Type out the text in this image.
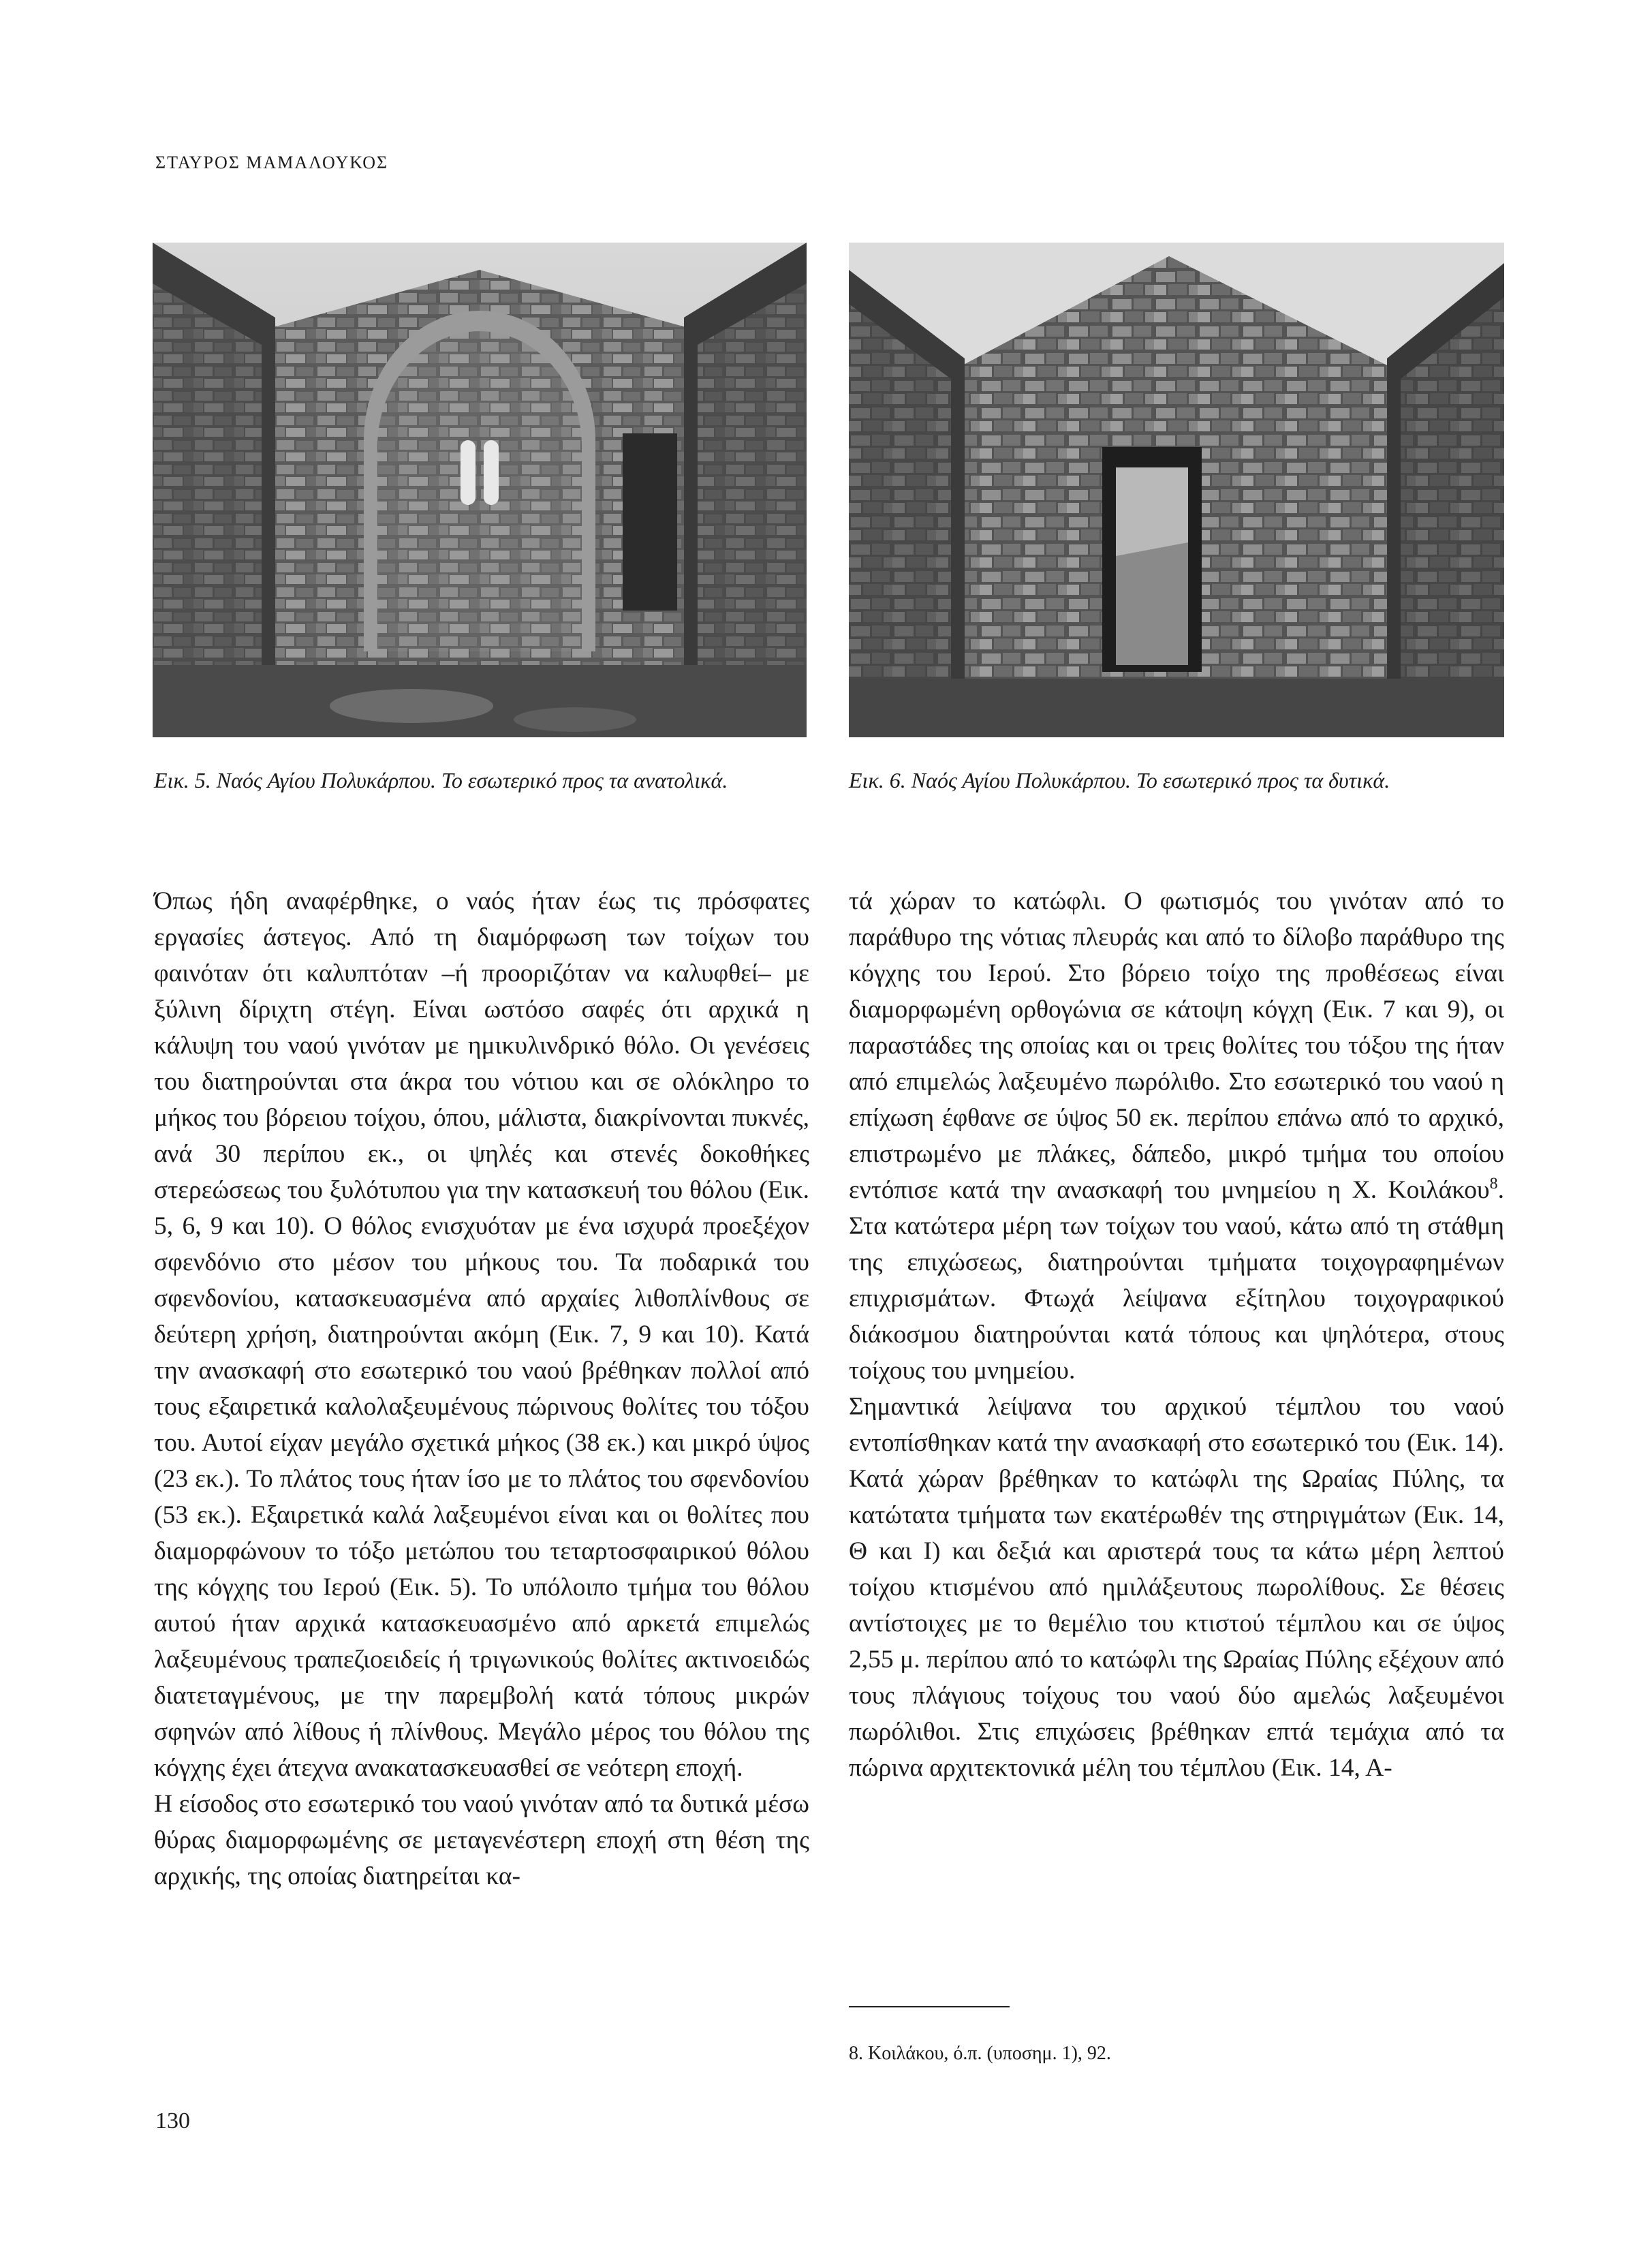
ΣΤΑΥΡΟΣ ΜΑΜΑΛΟΥΚΟΣ
Εικ. 5. Ναός Αγίου Πολυκάρπου. Το εσωτερικό προς τα ανατολικά.	Εικ. 6. Ναός Αγίου Πολυκάρπου. Το εσωτερικό προς τα δυτικά.

Όπως ήδη αναφέρθηκε, ο ναός ήταν έως τις πρόσφατες εργασίες άστεγος. Από τη διαμόρφωση των τοίχων του φαινόταν ότι καλυπτόταν –ή προοριζόταν να καλυφθεί– με ξύλινη δίριχτη στέγη. Είναι ωστόσο σαφές ότι αρχικά η κάλυψη του ναού γινόταν με ημικυλινδρικό θόλο. Οι γενέσεις του διατηρούνται στα άκρα του νότιου και σε ολόκληρο το μήκος του βόρειου τοίχου, όπου, μάλιστα, διακρίνονται πυκνές, ανά 30 περίπου εκ., οι ψηλές και στενές δοκοθήκες στερεώσεως του ξυλότυπου για την κατασκευή του θόλου (Εικ. 5, 6, 9 και 10). Ο θόλος ενισχυόταν με ένα ισχυρά προεξέχον σφενδόνιο στο μέσον του μήκους του. Τα ποδαρικά του σφενδονίου, κατασκευασμένα από αρχαίες λιθοπλίνθους σε δεύτερη χρήση, διατηρούνται ακόμη (Εικ. 7, 9 και 10). Κατά την ανασκαφή στο εσωτερικό του ναού βρέθηκαν πολλοί από τους εξαιρετικά καλολαξευμένους πώρινους θολίτες του τόξου του. Αυτοί είχαν μεγάλο σχετικά μήκος (38 εκ.) και μικρό ύψος (23 εκ.). Το πλάτος τους ήταν ίσο με το πλάτος του σφενδονίου (53 εκ.). Εξαιρετικά καλά λαξευμένοι είναι και οι θολίτες που διαμορφώνουν το τόξο μετώπου του τεταρτοσφαιρικού θόλου της κόγχης του Ιερού (Εικ. 5). Το υπόλοιπο τμήμα του θόλου αυτού ήταν αρχικά κατασκευασμένο από αρκετά επιμελώς λαξευμένους τραπεζιοειδείς ή τριγωνικούς θολίτες ακτινοειδώς διατεταγμένους, με την παρεμβολή κατά τόπους μικρών σφηνών από λίθους ή πλίνθους. Μεγάλο μέρος του θόλου της κόγχης έχει άτεχνα ανακατασκευασθεί σε νεότερη εποχή.

Η είσοδος στο εσωτερικό του ναού γινόταν από τα δυτικά μέσω θύρας διαμορφωμένης σε μεταγενέστερη εποχή στη θέση της αρχικής, της οποίας διατηρείται κα-

τά χώραν το κατώφλι. Ο φωτισμός του γινόταν από το παράθυρο της νότιας πλευράς και από το δίλοβο παράθυρο της κόγχης του Ιερού. Στο βόρειο τοίχο της προθέσεως είναι διαμορφωμένη ορθογώνια σε κάτοψη κόγχη (Εικ. 7 και 9), οι παραστάδες της οποίας και οι τρεις θολίτες του τόξου της ήταν από επιμελώς λαξευμένο πωρόλιθο. Στο εσωτερικό του ναού η επίχωση έφθανε σε ύψος 50 εκ. περίπου επάνω από το αρχικό, επιστρωμένο με πλάκες, δάπεδο, μικρό τμήμα του οποίου εντόπισε κατά την ανασκαφή του μνημείου η Χ. Κοιλάκου$^8$. Στα κατώτερα μέρη των τοίχων του ναού, κάτω από τη στάθμη της επιχώσεως, διατηρούνται τμήματα τοιχογραφημένων επιχρισμάτων. Φτωχά λείψανα εξίτηλου τοιχογραφικού διάκοσμου διατηρούνται κατά τόπους και ψηλότερα, στους τοίχους του μνημείου.

Σημαντικά λείψανα του αρχικού τέμπλου του ναού εντοπίσθηκαν κατά την ανασκαφή στο εσωτερικό του (Εικ. 14). Κατά χώραν βρέθηκαν το κατώφλι της Ωραίας Πύλης, τα κατώτατα τμήματα των εκατέρωθέν της στηριγμάτων (Εικ. 14, Θ και Ι) και δεξιά και αριστερά τους τα κάτω μέρη λεπτού τοίχου κτισμένου από ημιλάξευτους πωρολίθους. Σε θέσεις αντίστοιχες με το θεμέλιο του κτιστού τέμπλου και σε ύψος 2,55 μ. περίπου από το κατώφλι της Ωραίας Πύλης εξέχουν από τους πλάγιους τοίχους του ναού δύο αμελώς λαξευμένοι πωρόλιθοι. Στις επιχώσεις βρέθηκαν επτά τεμάχια από τα πώρινα αρχιτεκτονικά μέλη του τέμπλου (Εικ. 14, Α-

8. Κοιλάκου, ό.π. (υποσημ. 1), 92.
130
